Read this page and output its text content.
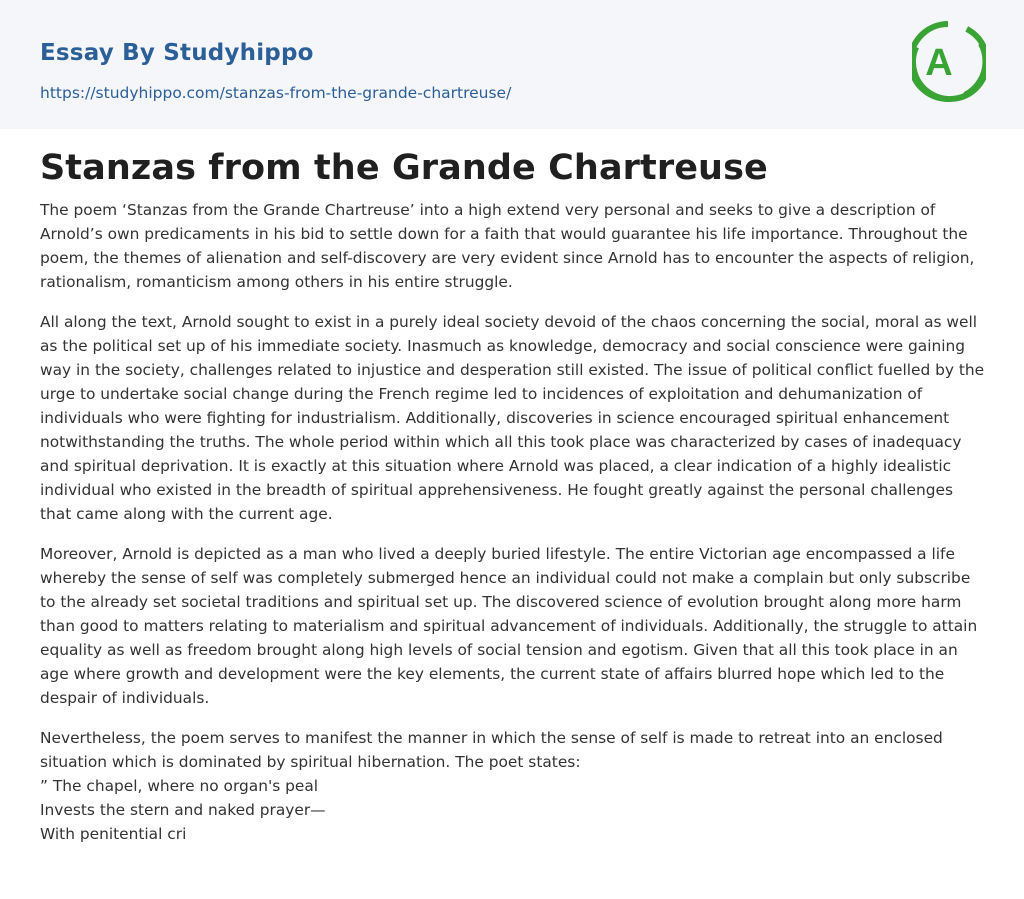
Essay By Studyhippo
https://studyhippo.com/stanzas-from-the-grande-chartreuse/
A
Stanzas from the Grande Chartreuse

The poem ‘Stanzas from the Grande Chartreuse’ into a high extend very personal and seeks to give a description of Arnold’s own predicaments in his bid to settle down for a faith that would guarantee his life importance. Throughout the poem, the themes of alienation and self-discovery are very evident since Arnold has to encounter the aspects of religion, rationalism, romanticism among others in his entire struggle.

All along the text, Arnold sought to exist in a purely ideal society devoid of the chaos concerning the social, moral as well as the political set up of his immediate society. Inasmuch as knowledge, democracy and social conscience were gaining way in the society, challenges related to injustice and desperation still existed. The issue of political conflict fuelled by the urge to undertake social change during the French regime led to incidences of exploitation and dehumanization of individuals who were fighting for industrialism. Additionally, discoveries in science encouraged spiritual enhancement notwithstanding the truths. The whole period within which all this took place was characterized by cases of inadequacy and spiritual deprivation. It is exactly at this situation where Arnold was placed, a clear indication of a highly idealistic individual who existed in the breadth of spiritual apprehensiveness. He fought greatly against the personal challenges that came along with the current age.

Moreover, Arnold is depicted as a man who lived a deeply buried lifestyle. The entire Victorian age encompassed a life whereby the sense of self was completely submerged hence an individual could not make a complain but only subscribe to the already set societal traditions and spiritual set up. The discovered science of evolution brought along more harm than good to matters relating to materialism and spiritual advancement of individuals. Additionally, the struggle to attain equality as well as freedom brought along high levels of social tension and egotism. Given that all this took place in an age where growth and development were the key elements, the current state of affairs blurred hope which led to the despair of individuals.

Nevertheless, the poem serves to manifest the manner in which the sense of self is made to retreat into an enclosed situation which is dominated by spiritual hibernation. The poet states:
” The chapel, where no organ's peal
Invests the stern and naked prayer—
With penitential cri
